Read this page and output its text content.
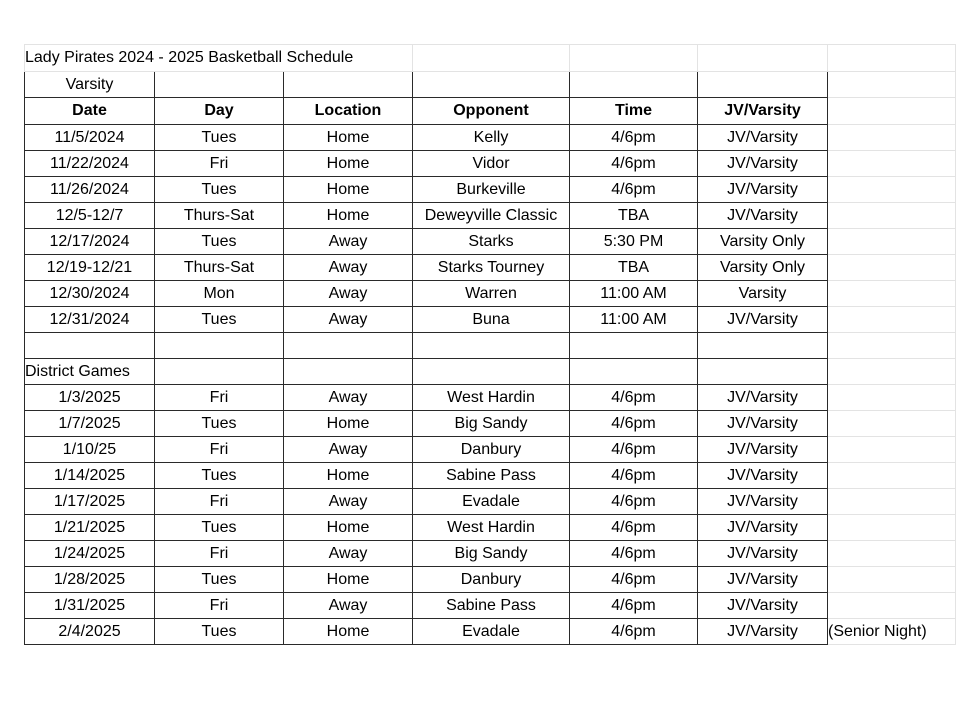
Lady Pirates 2024 - 2025 Basketball Schedule						
Varsity						
Date	Day	Location	Opponent	Time	JV/Varsity	
11/5/2024	Tues	Home	Kelly	4/6pm	JV/Varsity	
11/22/2024	Fri	Home	Vidor	4/6pm	JV/Varsity	
11/26/2024	Tues	Home	Burkeville	4/6pm	JV/Varsity	
12/5-12/7	Thurs-Sat	Home	Deweyville Classic	TBA	JV/Varsity	
12/17/2024	Tues	Away	Starks	5:30 PM	Varsity Only	
12/19-12/21	Thurs-Sat	Away	Starks Tourney	TBA	Varsity Only	
12/30/2024	Mon	Away	Warren	11:00 AM	Varsity	
12/31/2024	Tues	Away	Buna	11:00 AM	JV/Varsity	

District Games						
1/3/2025	Fri	Away	West Hardin	4/6pm	JV/Varsity	
1/7/2025	Tues	Home	Big Sandy	4/6pm	JV/Varsity	
1/10/25	Fri	Away	Danbury	4/6pm	JV/Varsity	
1/14/2025	Tues	Home	Sabine Pass	4/6pm	JV/Varsity	
1/17/2025	Fri	Away	Evadale	4/6pm	JV/Varsity	
1/21/2025	Tues	Home	West Hardin	4/6pm	JV/Varsity	
1/24/2025	Fri	Away	Big Sandy	4/6pm	JV/Varsity	
1/28/2025	Tues	Home	Danbury	4/6pm	JV/Varsity	
1/31/2025	Fri	Away	Sabine Pass	4/6pm	JV/Varsity	
2/4/2025	Tues	Home	Evadale	4/6pm	JV/Varsity	(Senior Night)
